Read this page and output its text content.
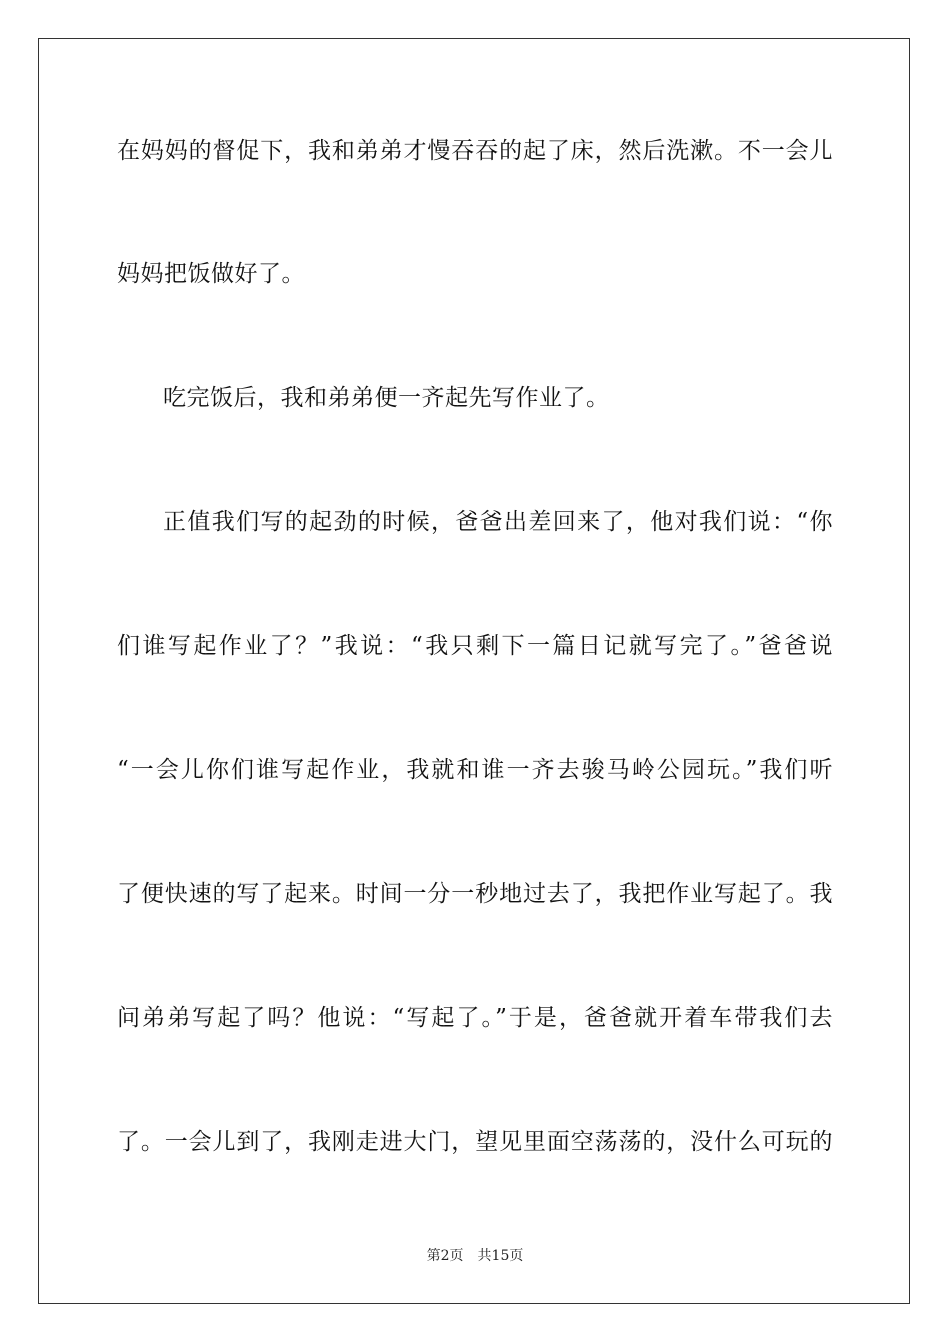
在妈妈的督促下，我和弟弟才慢吞吞的起了床，然后洗漱。不一会儿
妈妈把饭做好了。
吃完饭后，我和弟弟便一齐起先写作业了。
正值我们写的起劲的时候，爸爸出差回来了，他对我们说：“你
们谁写起作业了？”我说：“我只剩下一篇日记就写完了。”爸爸说
“一会儿你们谁写起作业，我就和谁一齐去骏马岭公园玩。”我们听
了便快速的写了起来。时间一分一秒地过去了，我把作业写起了。我
问弟弟写起了吗？他说：“写起了。”于是，爸爸就开着车带我们去
了。一会儿到了，我刚走进大门，望见里面空荡荡的，没什么可玩的
第2页 共15页
